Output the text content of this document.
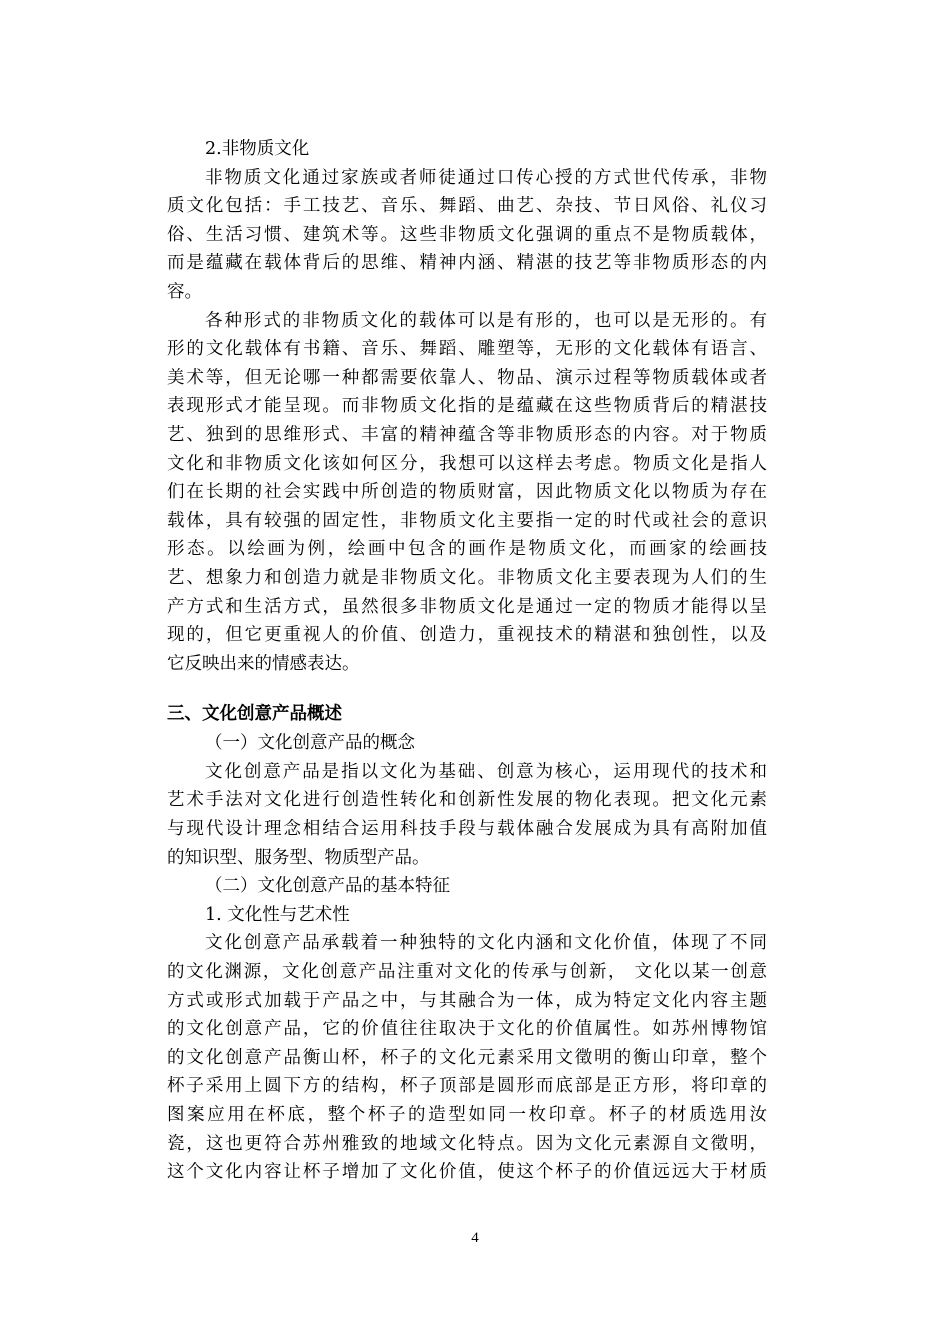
2.非物质文化
非物质文化通过家族或者师徒通过口传心授的方式世代传承，非物
质文化包括：手工技艺、音乐、舞蹈、曲艺、杂技、节日风俗、礼仪习
俗、生活习惯、建筑术等。这些非物质文化强调的重点不是物质载体，
而是蕴藏在载体背后的思维、精神内涵、精湛的技艺等非物质形态的内
容。
各种形式的非物质文化的载体可以是有形的，也可以是无形的。有
形的文化载体有书籍、音乐、舞蹈、雕塑等，无形的文化载体有语言、
美术等，但无论哪一种都需要依靠人、物品、演示过程等物质载体或者
表现形式才能呈现。而非物质文化指的是蕴藏在这些物质背后的精湛技
艺、独到的思维形式、丰富的精神蕴含等非物质形态的内容。对于物质
文化和非物质文化该如何区分，我想可以这样去考虑。物质文化是指人
们在长期的社会实践中所创造的物质财富，因此物质文化以物质为存在
载体，具有较强的固定性，非物质文化主要指一定的时代或社会的意识
形态。以绘画为例，绘画中包含的画作是物质文化，而画家的绘画技
艺、想象力和创造力就是非物质文化。非物质文化主要表现为人们的生
产方式和生活方式，虽然很多非物质文化是通过一定的物质才能得以呈
现的，但它更重视人的价值、创造力，重视技术的精湛和独创性，以及
它反映出来的情感表达。
三、文化创意产品概述
（一）文化创意产品的概念
文化创意产品是指以文化为基础、创意为核心，运用现代的技术和
艺术手法对文化进行创造性转化和创新性发展的物化表现。把文化元素
与现代设计理念相结合运用科技手段与载体融合发展成为具有高附加值
的知识型、服务型、物质型产品。
（二）文化创意产品的基本特征
1. 文化性与艺术性
文化创意产品承载着一种独特的文化内涵和文化价值，体现了不同
的文化渊源，文化创意产品注重对文化的传承与创新， 文化以某一创意
方式或形式加载于产品之中，与其融合为一体，成为特定文化内容主题
的文化创意产品，它的价值往往取决于文化的价值属性。如苏州博物馆
的文化创意产品衡山杯，杯子的文化元素采用文徵明的衡山印章，整个
杯子采用上圆下方的结构，杯子顶部是圆形而底部是正方形，将印章的
图案应用在杯底，整个杯子的造型如同一枚印章。杯子的材质选用汝
瓷，这也更符合苏州雅致的地域文化特点。因为文化元素源自文徵明，
这个文化内容让杯子增加了文化价值，使这个杯子的价值远远大于材质
4
